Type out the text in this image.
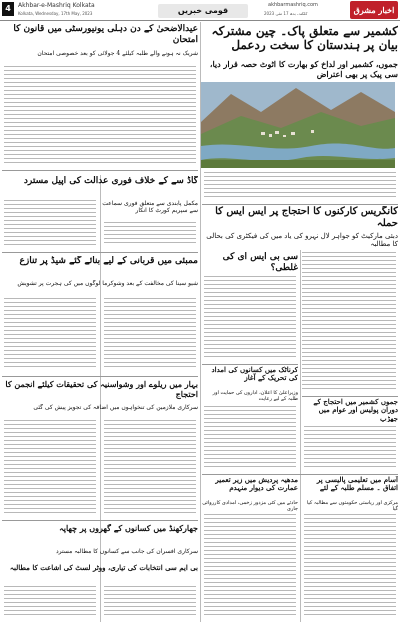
4	Akhbar-e-Mashriq Kolkata
Kolkata, Wednesday, 17th May, 2023	قومی خبریں
akhbarmashriq.com
کلکتہ، بدھ 17 مئی 2023	اخبار مشرق
کشمیر سے متعلق پاک۔ چین مشترکہ بیان پر ہندستان کا سخت ردعمل
جموں، کشمیر اور لداخ کو بھارت کا اٹوٹ حصہ قرار دیا، سی پیک پر بھی اعتراض
کانگریس کارکنوں کا احتجاج پر ایس ایس کا حملہ
دبئی مارکیٹ کو جواہر لال نہرو کی یاد میں کی فیکٹری کی بحالی کا مطالبہ
سی بی ایس ای کی غلطی؟
جموں کشمیر میں احتجاج کے دوران پولیس اور عوام میں جھڑپ
کرناٹک میں کسانوں کی امداد کی تحریک کے آغاز
وزیراعلیٰ کا اعلان، اداروں کی حمایت اور طلبہ کے لیے رعایت
آسام میں تعلیمی پالیسی پر اتفاق ۔ مسلم طلبہ کے لئے
مرکزی اور ریاستی حکومتوں سے مطالبہ کیا گیا
مدھیہ پردیش میں زیر تعمیر عمارت کی دیوار منہدم
حادثے میں کئی مزدور زخمی، امدادی کارروائی جاری
عیدالاضحیٰ کے دن دہلی یونیورسٹی میں قانون کا امتحان
شریک نہ ہونے والے طلبہ کیلئے 4 جولائی کو بعد خصوصی امتحان
گاڈ سے کے خلاف فوری عدالت کی اپیل مسترد
مکمل پابندی سے متعلق فوری سماعت سے سپریم کورٹ کا انکار
ممبئی میں قربانی کے لیے بنائے گئے شیڈ پر تنازع
شیو سینا کی مخالفت کے بعد وشوکرما لوگوں میں کی ہجرت پر تشویش
بہار میں ریلوے اور وشواسنیہ کی تحقیقات کیلئے انجمن کا احتجاج
سرکاری ملازمین کی تنخواہوں میں اضافہ کی تجویز پیش کی گئی
جھارکھنڈ میں کسانوں کے گھروں پر چھاپہ
سرکاری افسران کی جانب سے کسانوں کا مطالبہ مسترد
بی ایم سی انتخابات کی تیاری، ووٹر لسٹ کی اشاعت کا مطالبہ
